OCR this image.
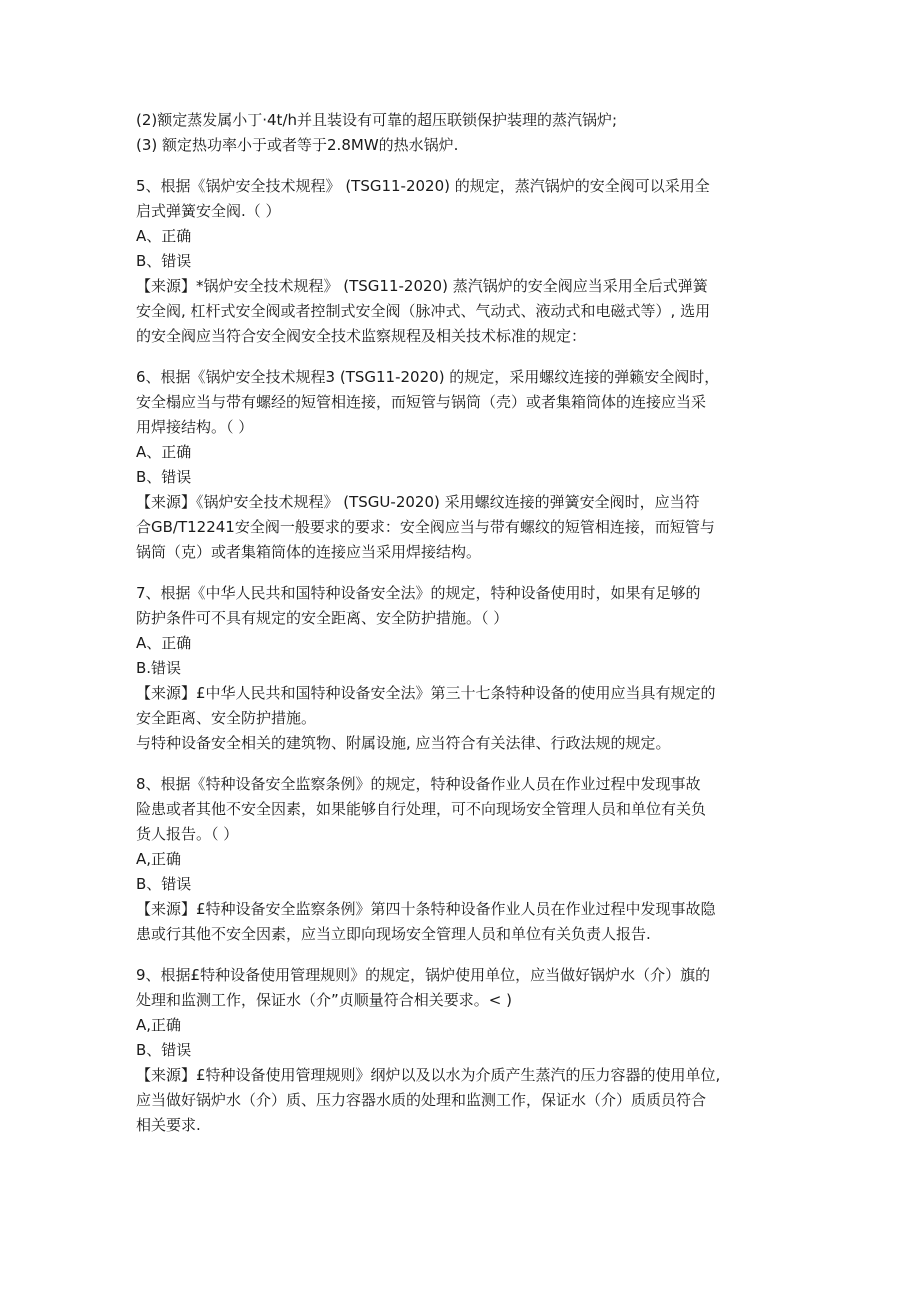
(2)额定蒸发属小丁·4t/h并且装设有可靠的超压联锁保护装理的蒸汽锅炉;
(3) 额定热功率小于或者等于2.8MW的热水锅炉.
5、根据《锅炉安全技术规程》 (TSG11-2020) 的规定，蒸汽锅炉的安全阀可以采用全
启式弹簧安全阀.（ ）
A、正确
B、错误
【来源】*锅炉安全技术规程》 (TSG11-2020) 蒸汽锅炉的安全阀应当采用全后式弹簧
安全阀, 杠杆式安全阀或者控制式安全阀（脉冲式、气动式、液动式和电磁式等）, 选用
的安全阀应当符合安全阀安全技术监察规程及相关技术标准的规定：
6、根据《锅炉安全技术规程3 (TSG11-2020) 的规定，采用螺纹连接的弹籁安全阀时，
安全榻应当与带有螺经的短管相连接，而短管与锅筒（壳）或者集箱筒体的连接应当采
用焊接结构。（ ）
A、正确
B、错误
【来源】《锅炉安全技术规程》 (TSGU-2020) 采用螺纹连接的弹簧安全阀时，应当符
合GB/T12241安全阀一般要求的要求：安全阀应当与带有螺纹的短管相连接，而短管与
锅筒（克）或者集箱筒体的连接应当采用焊接结构。
7、根据《中华人民共和国特种设备安全法》的规定，特种设备使用时，如果有足够的
防护条件可不具有规定的安全距离、安全防护措施。（ ）
A、正确
B.错误
【来源】£中华人民共和国特种设备安全法》第三十七条特种设备的使用应当具有规定的
安全距离、安全防护措施。
与特种设备安全相关的建筑物、附属设施, 应当符合有关法律、行政法规的规定。
8、根据《特种设备安全监察条例》的规定，特种设备作业人员在作业过程中发现事故
险患或者其他不安全因素，如果能够自行处理，可不向现场安全管理人员和单位有关负
货人报告。（ ）
A,正确
B、错误
【来源】£特种设备安全监察条例》第四十条特种设备作业人员在作业过程中发现事故隐
患或行其他不安全因素，应当立即向现场安全管理人员和单位有关负责人报告.
9、根据£特种设备使用管理规则》的规定，锅炉使用单位，应当做好锅炉水（介）旗的
处理和监测工作，保证水（介”贞顺量符合相关要求。< )
A,正确
B、错误
【来源】£特种设备使用管理规则》纲炉以及以水为介质产生蒸汽的压力容器的使用单位,
应当做好锅炉水（介）质、压力容器水质的处理和监测工作，保证水（介）质质员符合
相关要求.
